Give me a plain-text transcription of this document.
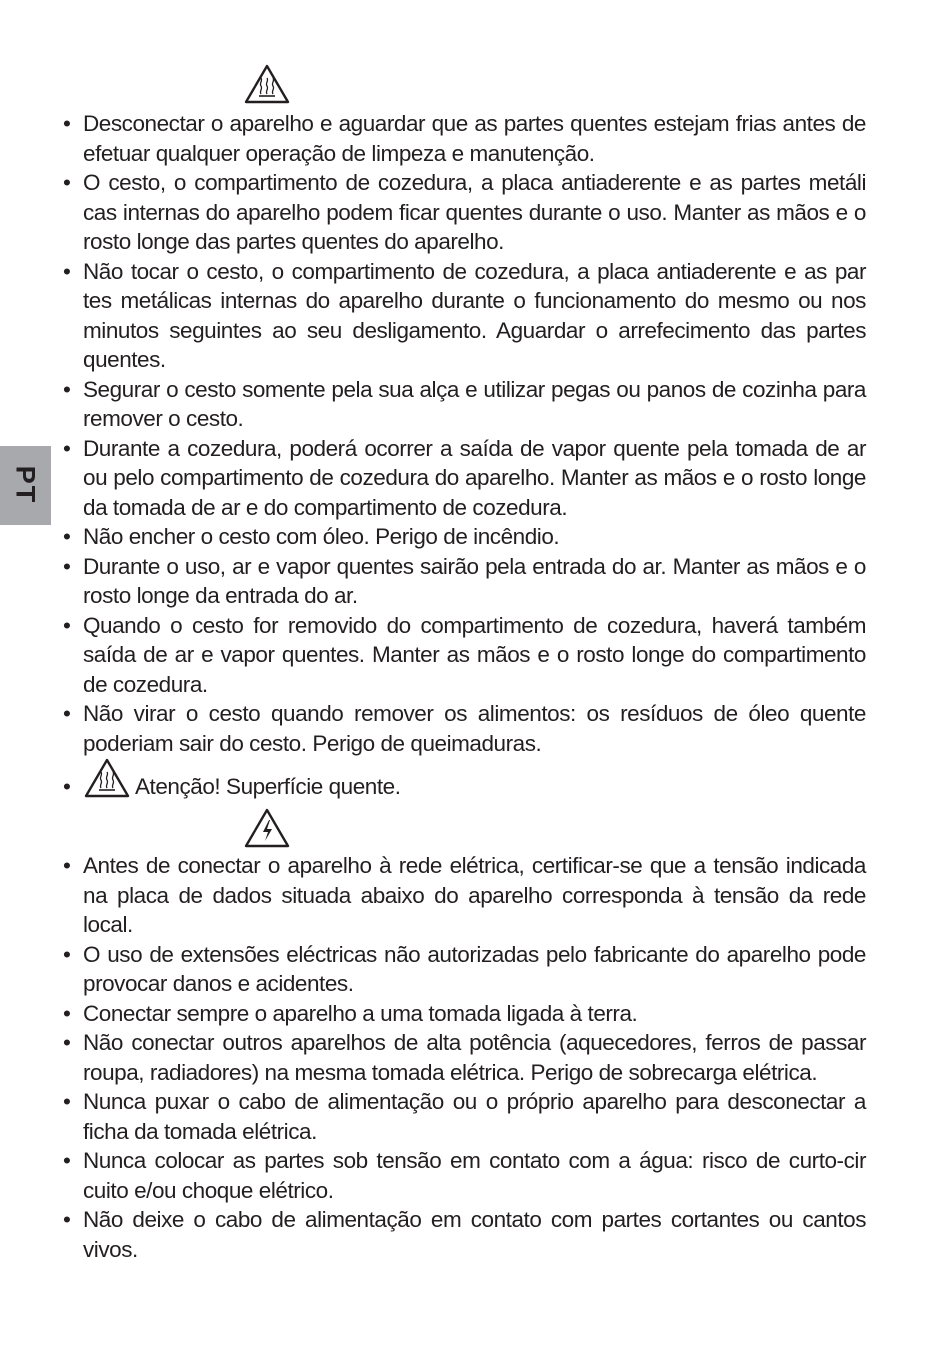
PT
• Desconectar o aparelho e aguardar que as partes quentes estejam frias antes de efetuar qualquer operação de limpeza e manutenção.
• O cesto, o compartimento de cozedura, a placa antiaderente e as partes metáli cas internas do aparelho podem ficar quentes durante o uso. Manter as mãos e o rosto longe das partes quentes do aparelho.
• Não tocar o cesto, o compartimento de cozedura, a placa antiaderente e as par tes metálicas internas do aparelho durante o funcionamento do mesmo ou nos minutos seguintes ao seu desligamento. Aguardar o arrefecimento das partes quentes.
• Segurar o cesto somente pela sua alça e utilizar pegas ou panos de cozinha para remover o cesto.
• Durante a cozedura, poderá ocorrer a saída de vapor quente pela tomada de ar ou pelo compartimento de cozedura do aparelho. Manter as mãos e o rosto longe da tomada de ar e do compartimento de cozedura.
• Não encher o cesto com óleo. Perigo de incêndio.
• Durante o uso, ar e vapor quentes sairão pela entrada do ar. Manter as mãos e o rosto longe da entrada do ar.
• Quando o cesto for removido do compartimento de cozedura, haverá também saída de ar e vapor quentes. Manter as mãos e o rosto longe do compartimento de cozedura.
• Não virar o cesto quando remover os alimentos: os resíduos de óleo quente poderiam sair do cesto. Perigo de queimaduras.
•	Atenção! Superfície quente.
• Antes de conectar o aparelho à rede elétrica, certificar-se que a tensão indicada na placa de dados situada abaixo do aparelho corresponda à tensão da rede local.
• O uso de extensões eléctricas não autorizadas pelo fabricante do aparelho pode provocar danos e acidentes.
• Conectar sempre o aparelho a uma tomada ligada à terra.
• Não conectar outros aparelhos de alta potência (aquecedores, ferros de passar roupa, radiadores) na mesma tomada elétrica. Perigo de sobrecarga elétrica.
• Nunca puxar o cabo de alimentação ou o próprio aparelho para desconectar a ficha da tomada elétrica.
• Nunca colocar as partes sob tensão em contato com a água: risco de curto-cir cuito e/ou choque elétrico.
• Não deixe o cabo de alimentação em contato com partes cortantes ou cantos vivos.
